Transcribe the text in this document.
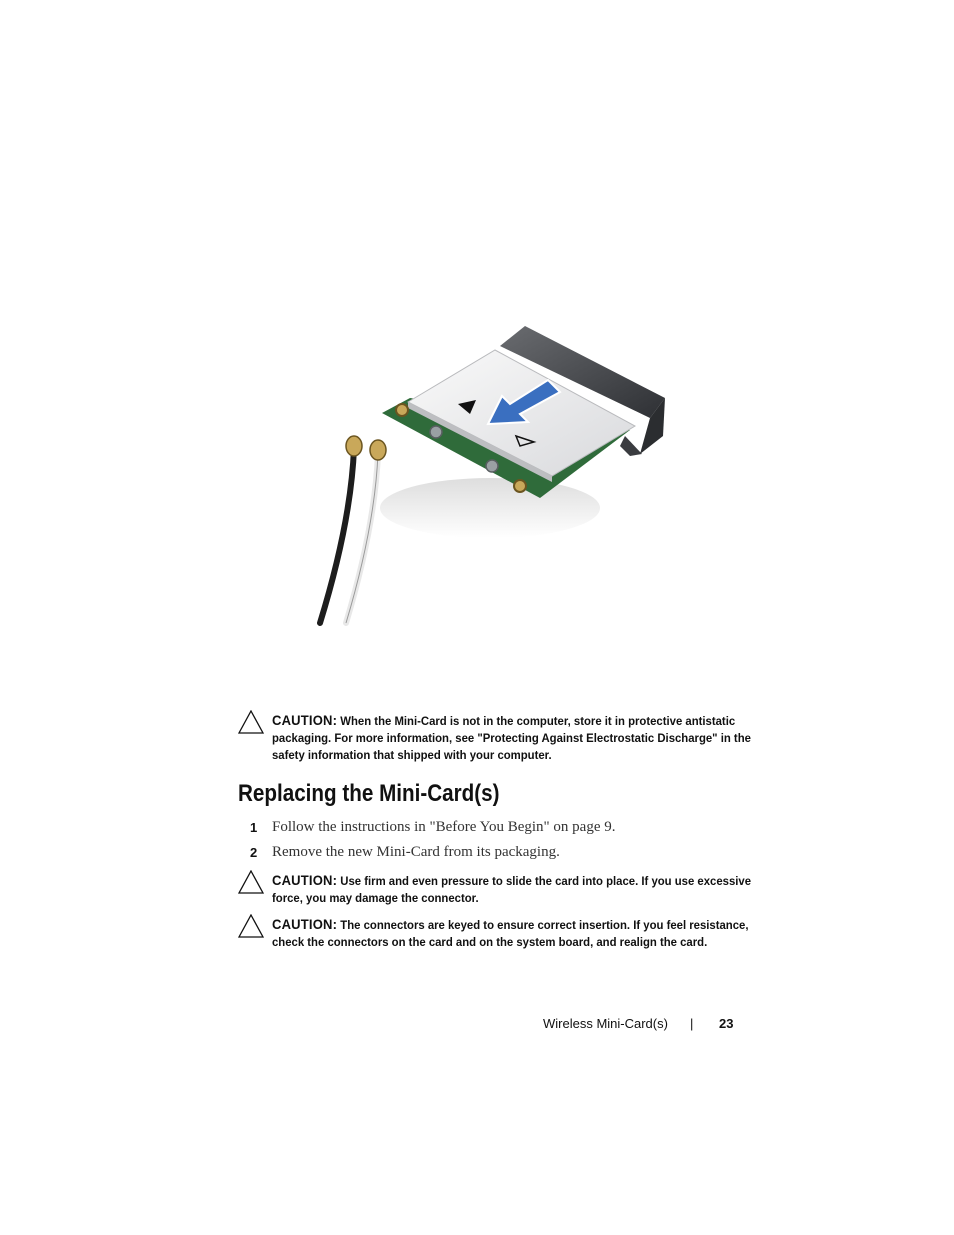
CAUTION: When the Mini-Card is not in the computer, store it in protective antistatic packaging. For more information, see "Protecting Against Electrostatic Discharge" in the safety information that shipped with your computer.
Replacing the Mini-Card(s)
1 Follow the instructions in "Before You Begin" on page 9.
2 Remove the new Mini-Card from its packaging.
CAUTION: Use firm and even pressure to slide the card into place. If you use excessive force, you may damage the connector.
CAUTION: The connectors are keyed to ensure correct insertion. If you feel resistance, check the connectors on the card and on the system board, and realign the card.
Wireless Mini-Card(s) | 23
